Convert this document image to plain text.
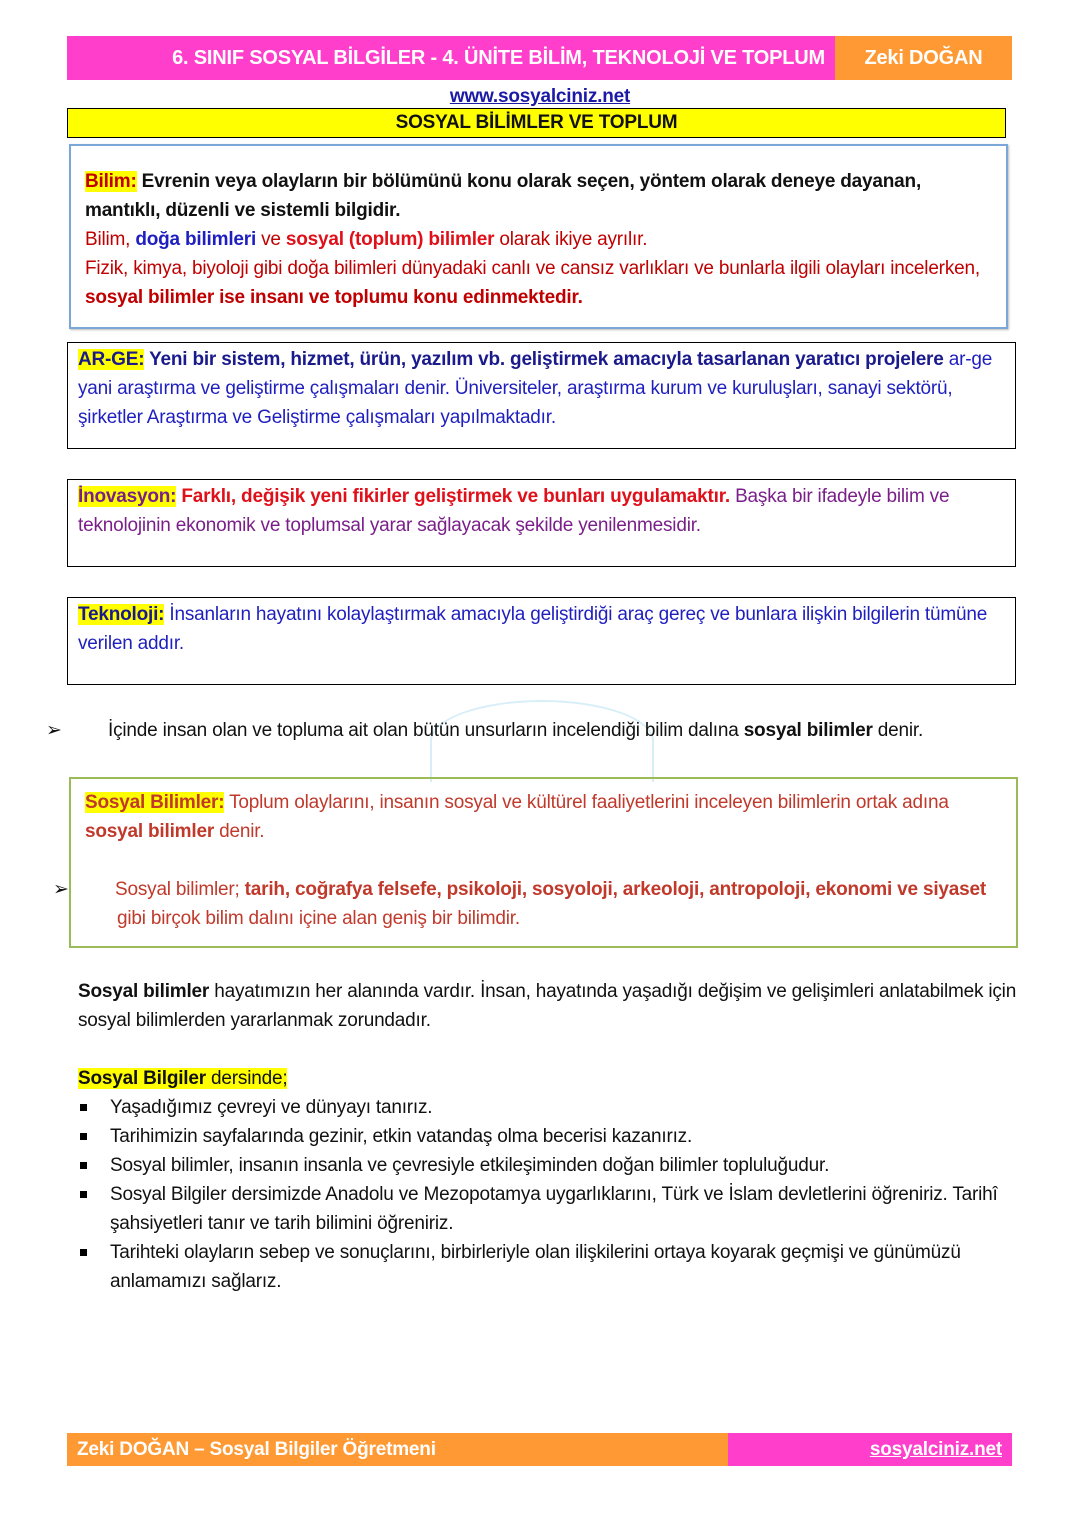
6. SINIF SOSYAL BİLGİLER - 4. ÜNİTE BİLİM, TEKNOLOJİ VE TOPLUM	Zeki DOĞAN
www.sosyalciniz.net
SOSYAL BİLİMLER VE TOPLUM
Bilim: Evrenin veya olayların bir bölümünü konu olarak seçen, yöntem olarak deneye dayanan, mantıklı, düzenli ve sistemli bilgidir.
Bilim, doğa bilimleri ve sosyal (toplum) bilimler olarak ikiye ayrılır.
Fizik, kimya, biyoloji gibi doğa bilimleri dünyadaki canlı ve cansız varlıkları ve bunlarla ilgili olayları incelerken, sosyal bilimler ise insanı ve toplumu konu edinmektedir.
AR-GE: Yeni bir sistem, hizmet, ürün, yazılım vb. geliştirmek amacıyla tasarlanan yaratıcı projelere ar-ge yani araştırma ve geliştirme çalışmaları denir. Üniversiteler, araştırma kurum ve kuruluşları, sanayi sektörü, şirketler Araştırma ve Geliştirme çalışmaları yapılmaktadır.
İnovasyon: Farklı, değişik yeni fikirler geliştirmek ve bunları uygulamaktır. Başka bir ifadeyle bilim ve teknolojinin ekonomik ve toplumsal yarar sağlayacak şekilde yenilenmesidir.
Teknoloji: İnsanların hayatını kolaylaştırmak amacıyla geliştirdiği araç gereç ve bunlara ilişkin bilgilerin tümüne verilen addır.
➢ İçinde insan olan ve topluma ait olan bütün unsurların incelendiği bilim dalına sosyal bilimler denir.
Sosyal Bilimler: Toplum olaylarını, insanın sosyal ve kültürel faaliyetlerini inceleyen bilimlerin ortak adına sosyal bilimler denir.
➢ Sosyal bilimler; tarih, coğrafya felsefe, psikoloji, sosyoloji, arkeoloji, antropoloji, ekonomi ve siyaset gibi birçok bilim dalını içine alan geniş bir bilimdir.
Sosyal bilimler hayatımızın her alanında vardır. İnsan, hayatında yaşadığı değişim ve gelişimleri anlatabilmek için sosyal bilimlerden yararlanmak zorundadır.
Sosyal Bilgiler dersinde;
Yaşadığımız çevreyi ve dünyayı tanırız.
Tarihimizin sayfalarında gezinir, etkin vatandaş olma becerisi kazanırız.
Sosyal bilimler, insanın insanla ve çevresiyle etkileşiminden doğan bilimler topluluğudur.
Sosyal Bilgiler dersimizde Anadolu ve Mezopotamya uygarlıklarını, Türk ve İslam devletlerini öğreniriz. Tarihî şahsiyetleri tanır ve tarih bilimini öğreniriz.
Tarihteki olayların sebep ve sonuçlarını, birbirleriyle olan ilişkilerini ortaya koyarak geçmişi ve günümüzü anlamamızı sağlarız.
Zeki DOĞAN – Sosyal Bilgiler Öğretmeni	sosyalciniz.net
